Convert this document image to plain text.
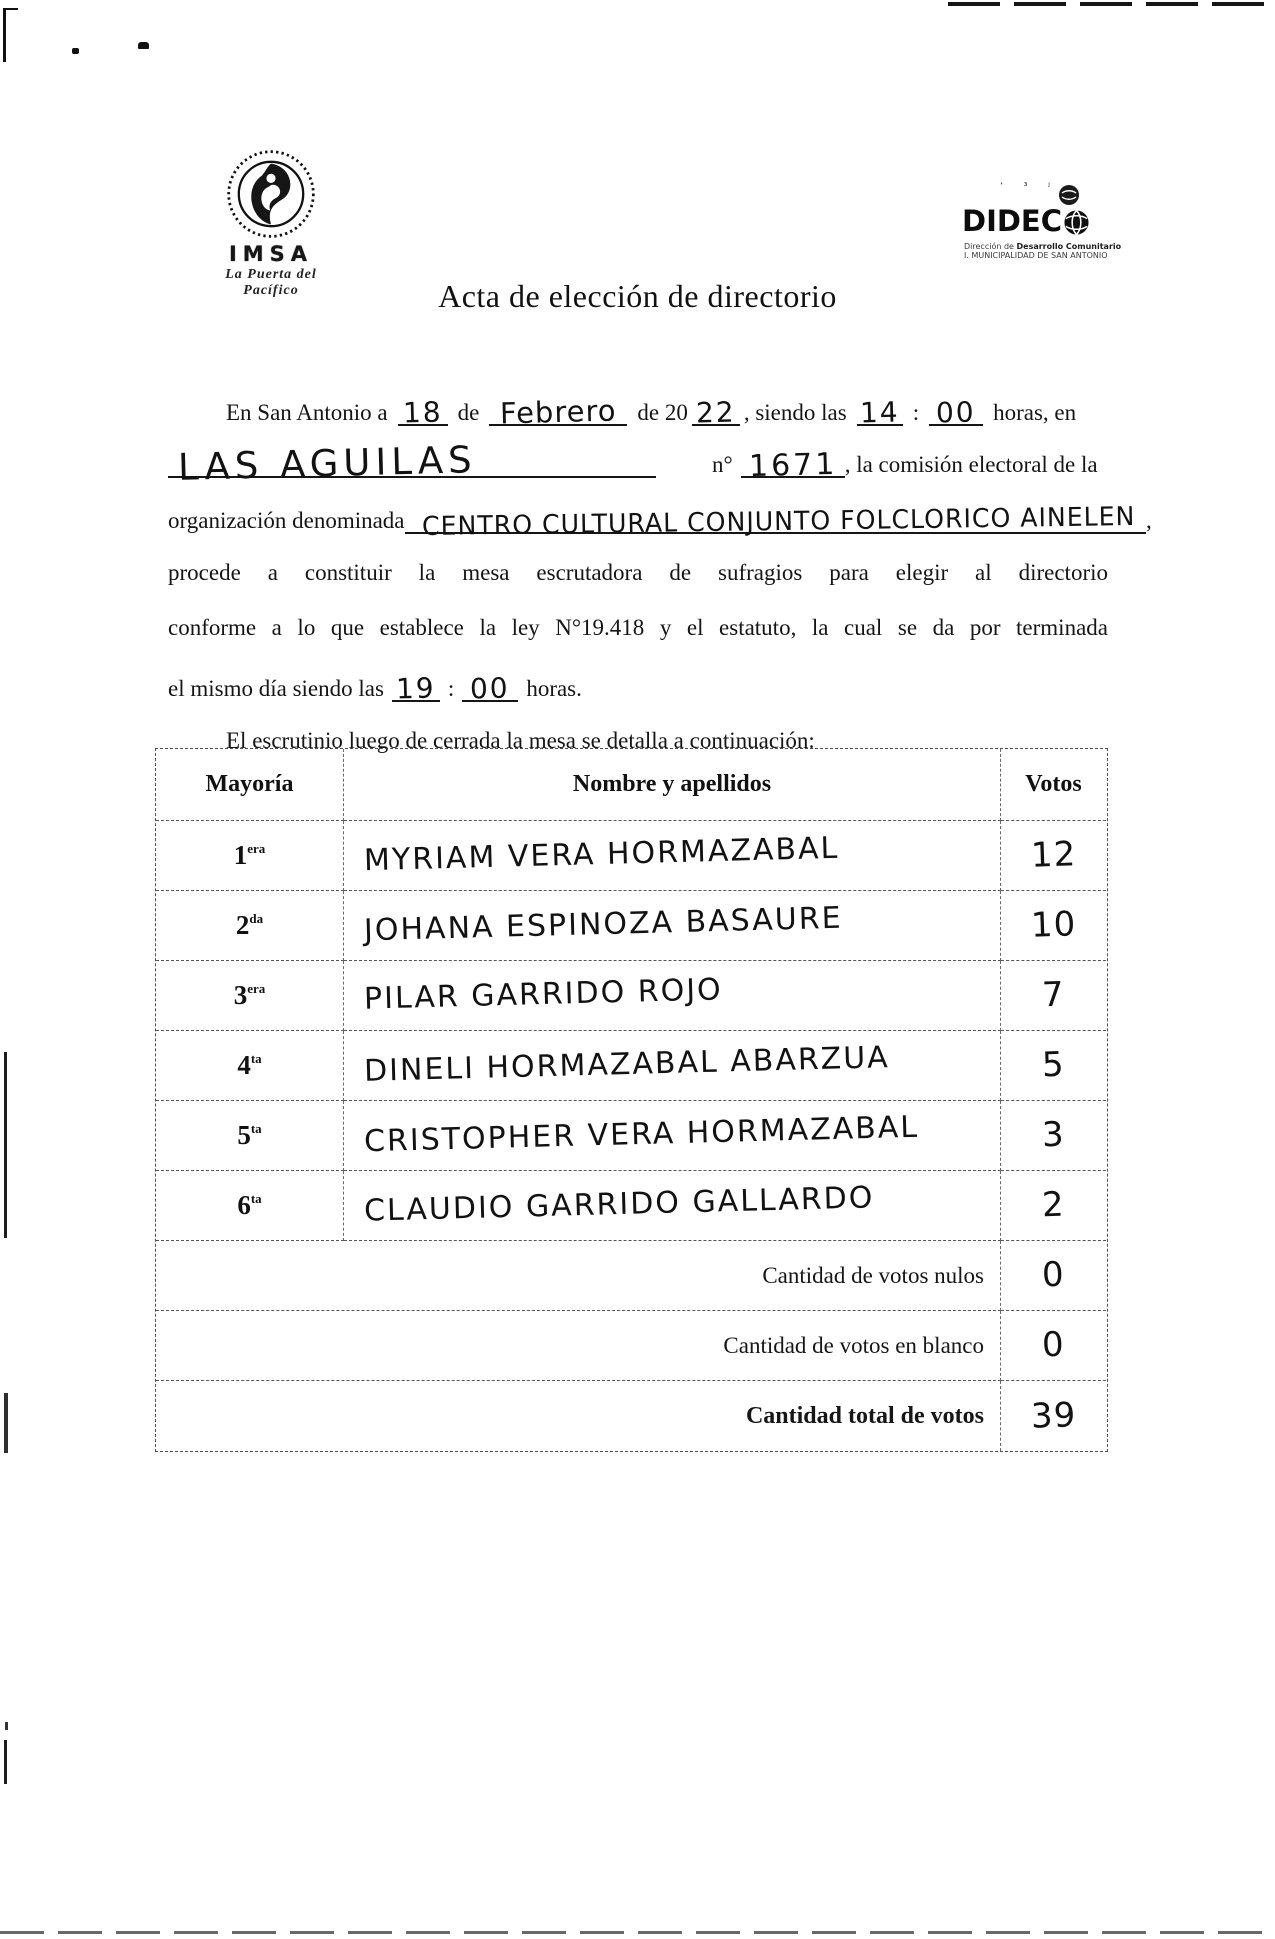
IMSA
La Puerta del Pacífico
ʼ ³ ʲ
DIDEC
Dirección de Desarrollo Comunitario
I. MUNICIPALIDAD DE SAN ANTONIO
Acta de elección de directorio
En San Antonio a 18 de Febrero de 20 22 , siendo las 14 : 00 horas, en
LAS AGUILAS	n° 1671 , la comisión electoral de la
organización denominada CENTRO CULTURAL CONJUNTO FOLCLORICO AINELEN ,
procede a constituir la mesa escrutadora de sufragios para elegir al directorio
conforme a lo que establece la ley N°19.418 y el estatuto, la cual se da por terminada
el mismo día siendo las 19 : 00 horas.
El escrutinio luego de cerrada la mesa se detalla a continuación:
Mayoría	Nombre y apellidos	Votos
$1^{era}$	MYRIAM VERA HORMAZABAL	12
$2^{da}$	JOHANA ESPINOZA BASAURE	10
$3^{era}$	PILAR GARRIDO ROJO	7
$4^{ta}$	DINELI HORMAZABAL ABARZUA	5
$5^{ta}$	CRISTOPHER VERA HORMAZABAL	3
$6^{ta}$	CLAUDIO GARRIDO GALLARDO	2
Cantidad de votos nulos	0
Cantidad de votos en blanco	0
Cantidad total de votos	39
